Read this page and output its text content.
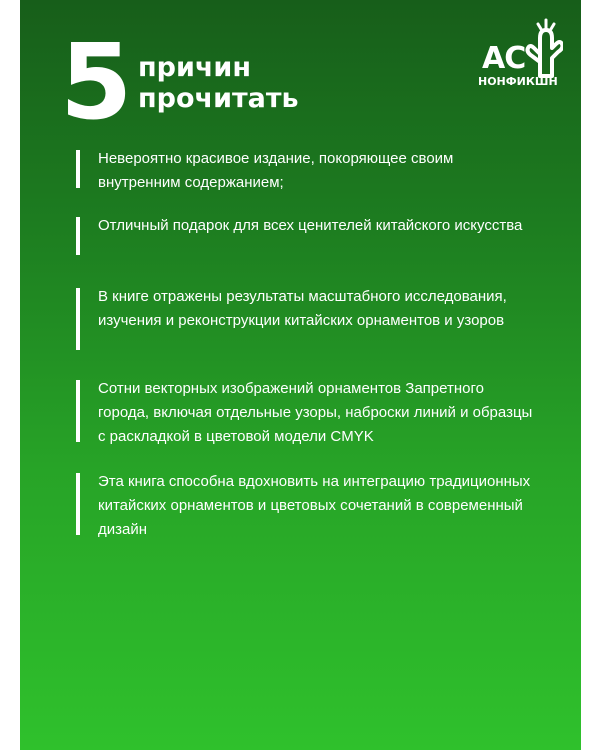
5 причин
прочитать
АС
НОНФИКШН
Невероятно красивое издание, покоряющее своим внутренним содержанием;
Отличный подарок для всех ценителей китайского искусства
В книге отражены результаты масштабного исследования, изучения и реконструкции китайских орнаментов и узоров
Сотни векторных изображений орнаментов Запретного города, включая отдельные узоры, наброски линий и образцы с раскладкой в цветовой модели CMYK
Эта книга способна вдохновить на интеграцию традиционных китайских орнаментов и цветовых сочетаний в современный дизайн
